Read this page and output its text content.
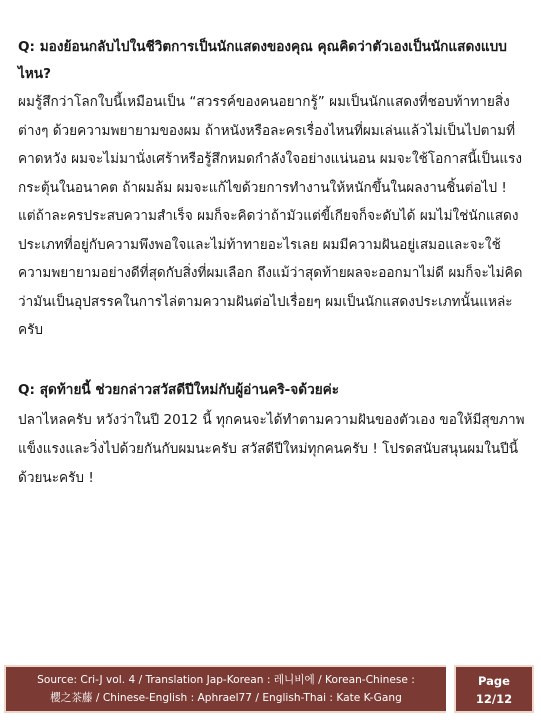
Q: มองย้อนกลับไปในชีวิตการเป็นนักแสดงของคุณ คุณคิดว่าตัวเองเป็นนักแสดงแบบไหน?

ผมรู้สึกว่าโลกใบนี้เหมือนเป็น “สวรรค์ของคนอยากรู้” ผมเป็นนักแสดงที่ชอบท้าทายสิ่งต่างๆ ด้วยความพยายามของผม ถ้าหนังหรือละครเรื่องไหนที่ผมเล่นแล้วไม่เป็นไปตามที่คาดหวัง ผมจะไม่มานั่งเศร้าหรือรู้สึกหมดกำลังใจอย่างแน่นอน ผมจะใช้โอกาสนี้เป็นแรงกระตุ้นในอนาคต ถ้าผมล้ม ผมจะแก้ไขด้วยการทำงานให้หนักขึ้นในผลงานชิ้นต่อไป ! แต่ถ้าละครประสบความสำเร็จ ผมก็จะคิดว่าถ้ามัวแต่ขี้เกียจก็จะดับได้ ผมไม่ใช่นักแสดงประเภทที่อยู่กับความพึงพอใจและไม่ท้าทายอะไรเลย ผมมีความฝันอยู่เสมอและจะใช้ความพยายามอย่างดีที่สุดกับสิ่งที่ผมเลือก ถึงแม้ว่าสุดท้ายผลจะออกมาไม่ดี ผมก็จะไม่คิดว่ามันเป็นอุปสรรคในการไล่ตามความฝันต่อไปเรื่อยๆ ผมเป็นนักแสดงประเภทนั้นแหล่ะครับ

Q: สุดท้ายนี้ ช่วยกล่าวสวัสดีปีใหม่กับผู้อ่านคริ-จด้วยค่ะ

ปลาไหลครับ หวังว่าในปี 2012 นี้ ทุกคนจะได้ทำตามความฝันของตัวเอง ขอให้มีสุขภาพแข็งแรงและวิ่งไปด้วยกันกับผมนะครับ สวัสดีปีใหม่ทุกคนครับ ! โปรดสนับสนุนผมในปีนี้ด้วยนะครับ !

Source: Cri-J vol. 4 / Translation Jap-Korean : 레니비에 / Korean-Chinese :
櫻之茶藤 / Chinese-English : Aphrael77 / English-Thai : Kate K-Gang
Page
12/12
